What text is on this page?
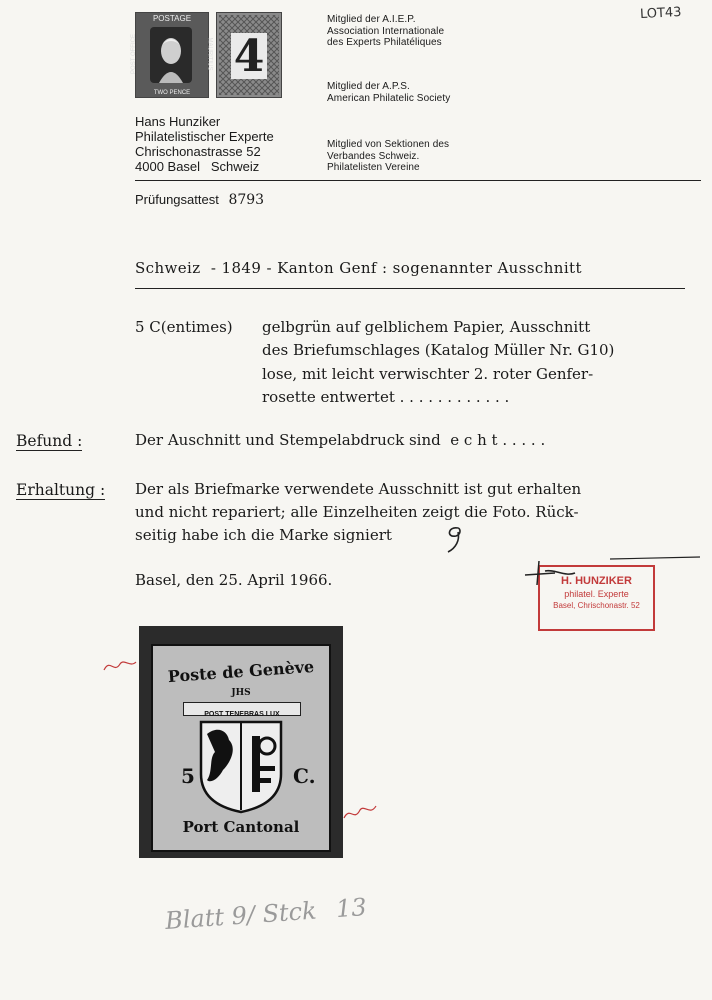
LOT43
POSTAGE
TWO PENCE
POST OFFICE	MAURITIUS 4
Mitglied der A.I.E.P.
Association Internationale
des Experts Philatéliques
Mitglied der A.P.S.
American Philatelic Society
Mitglied von Sektionen des
Verbandes Schweiz.
Philatelisten Vereine
Hans Hunziker
Philatelistischer Experte
Chrischonastrasse 52
4000 Basel   Schweiz
Prüfungsattest 8793
Schweiz  - 1849 - Kanton Genf : sogenannter Ausschnitt
5 C(entimes) gelbgrün auf gelblichem Papier, Ausschnitt
des Briefumschlages (Katalog Müller Nr. G10)
lose, mit leicht verwischter 2. roter Genfer-
rosette entwertet . . . . . . . . . . . .
Befund :	Der Auschnitt und Stempelabdruck sind  e c h t . . . . .
Erhaltung : Der als Briefmarke verwendete Ausschnitt ist gut erhalten
und nicht repariert; alle Einzelheiten zeigt die Foto. Rück-
seitig habe ich die Marke signiert
Basel, den 25. April 1966.	H. HUNZIKER
philatel. Experte
Basel, Chrischonastr. 52
Poste de Genève
JHS
POST TENEBRAS LUX
5	C.
Port Cantonal
Blatt 9/ Stck 13
